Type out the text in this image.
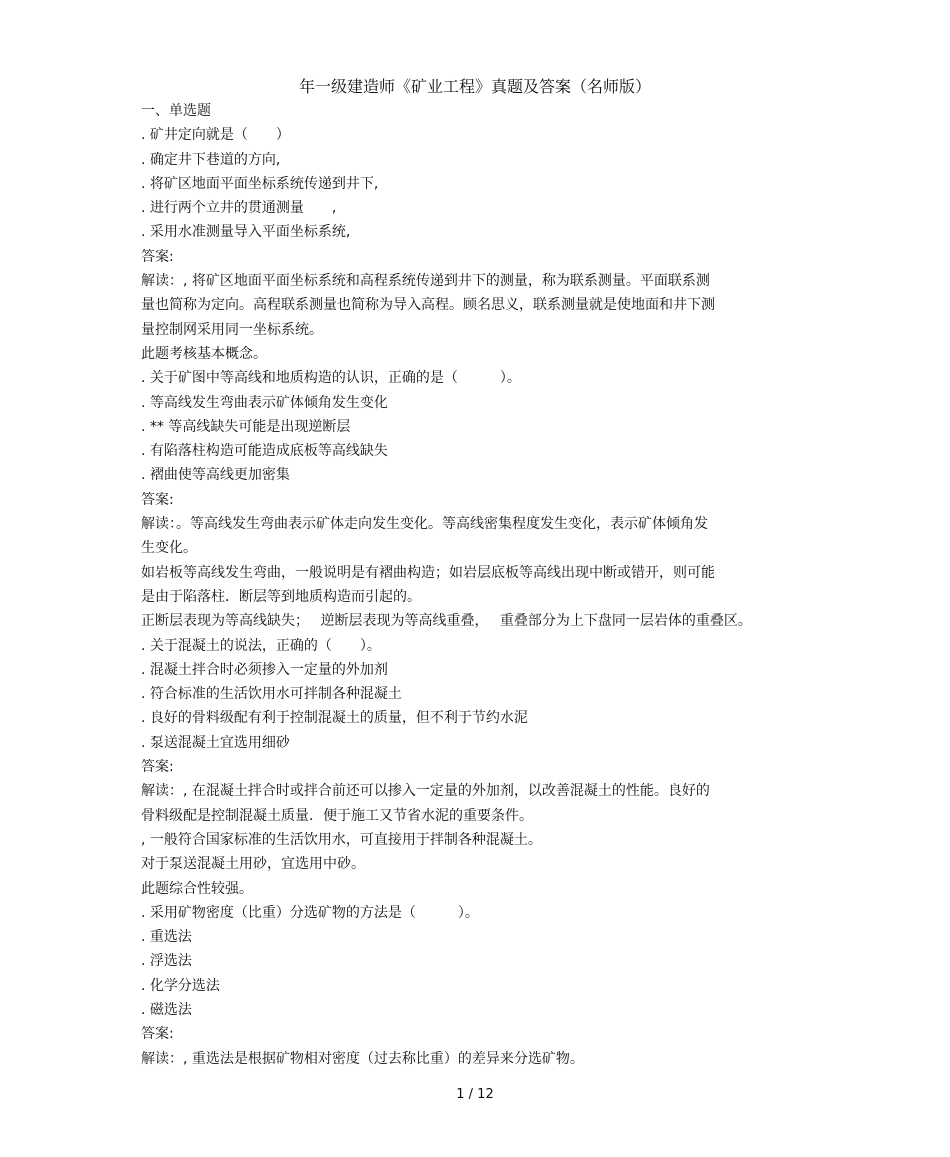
年一级建造师《矿业工程》真题及答案（名师版）
一、单选题
. 矿井定向就是（　　）
. 确定井下巷道的方向,
. 将矿区地面平面坐标系统传递到井下,
. 进行两个立井的贯通测量　　,
. 采用水准测量导入平面坐标系统,
答案:
解读：, 将矿区地面平面坐标系统和高程系统传递到井下的测量，称为联系测量。平面联系测
量也简称为定向。高程联系测量也简称为导入高程。顾名思义，联系测量就是使地面和井下测
量控制网采用同一坐标系统。
此题考核基本概念。
. 关于矿图中等高线和地质构造的认识，正确的是（　　　）。
. 等高线发生弯曲表示矿体倾角发生变化
. ** 等高线缺失可能是出现逆断层
. 有陷落柱构造可能造成底板等高线缺失
. 褶曲使等高线更加密集
答案:
解读：。等高线发生弯曲表示矿体走向发生变化。等高线密集程度发生变化，表示矿体倾角发
生变化。
如岩板等高线发生弯曲，一般说明是有褶曲构造；如岩层底板等高线出现中断或错开，则可能
是由于陷落柱．断层等到地质构造而引起的。
正断层表现为等高线缺失；　 逆断层表现为等高线重叠，　 重叠部分为上下盘同一层岩体的重叠区。
. 关于混凝土的说法，正确的（　　）。
. 混凝土拌合时必须掺入一定量的外加剂
. 符合标准的生活饮用水可拌制各种混凝土
. 良好的骨料级配有利于控制混凝土的质量，但不利于节约水泥
. 泵送混凝土宜选用细砂
答案:
解读：, 在混凝土拌合时或拌合前还可以掺入一定量的外加剂，以改善混凝土的性能。良好的
骨料级配是控制混凝土质量．便于施工又节省水泥的重要条件。
, 一般符合国家标准的生活饮用水，可直接用于拌制各种混凝土。
对于泵送混凝土用砂，宜选用中砂。
此题综合性较强。
. 采用矿物密度（比重）分选矿物的方法是（　　　）。
. 重选法
. 浮选法
. 化学分选法
. 磁选法
答案:
解读：, 重选法是根据矿物相对密度（过去称比重）的差异来分选矿物。
1 / 12
